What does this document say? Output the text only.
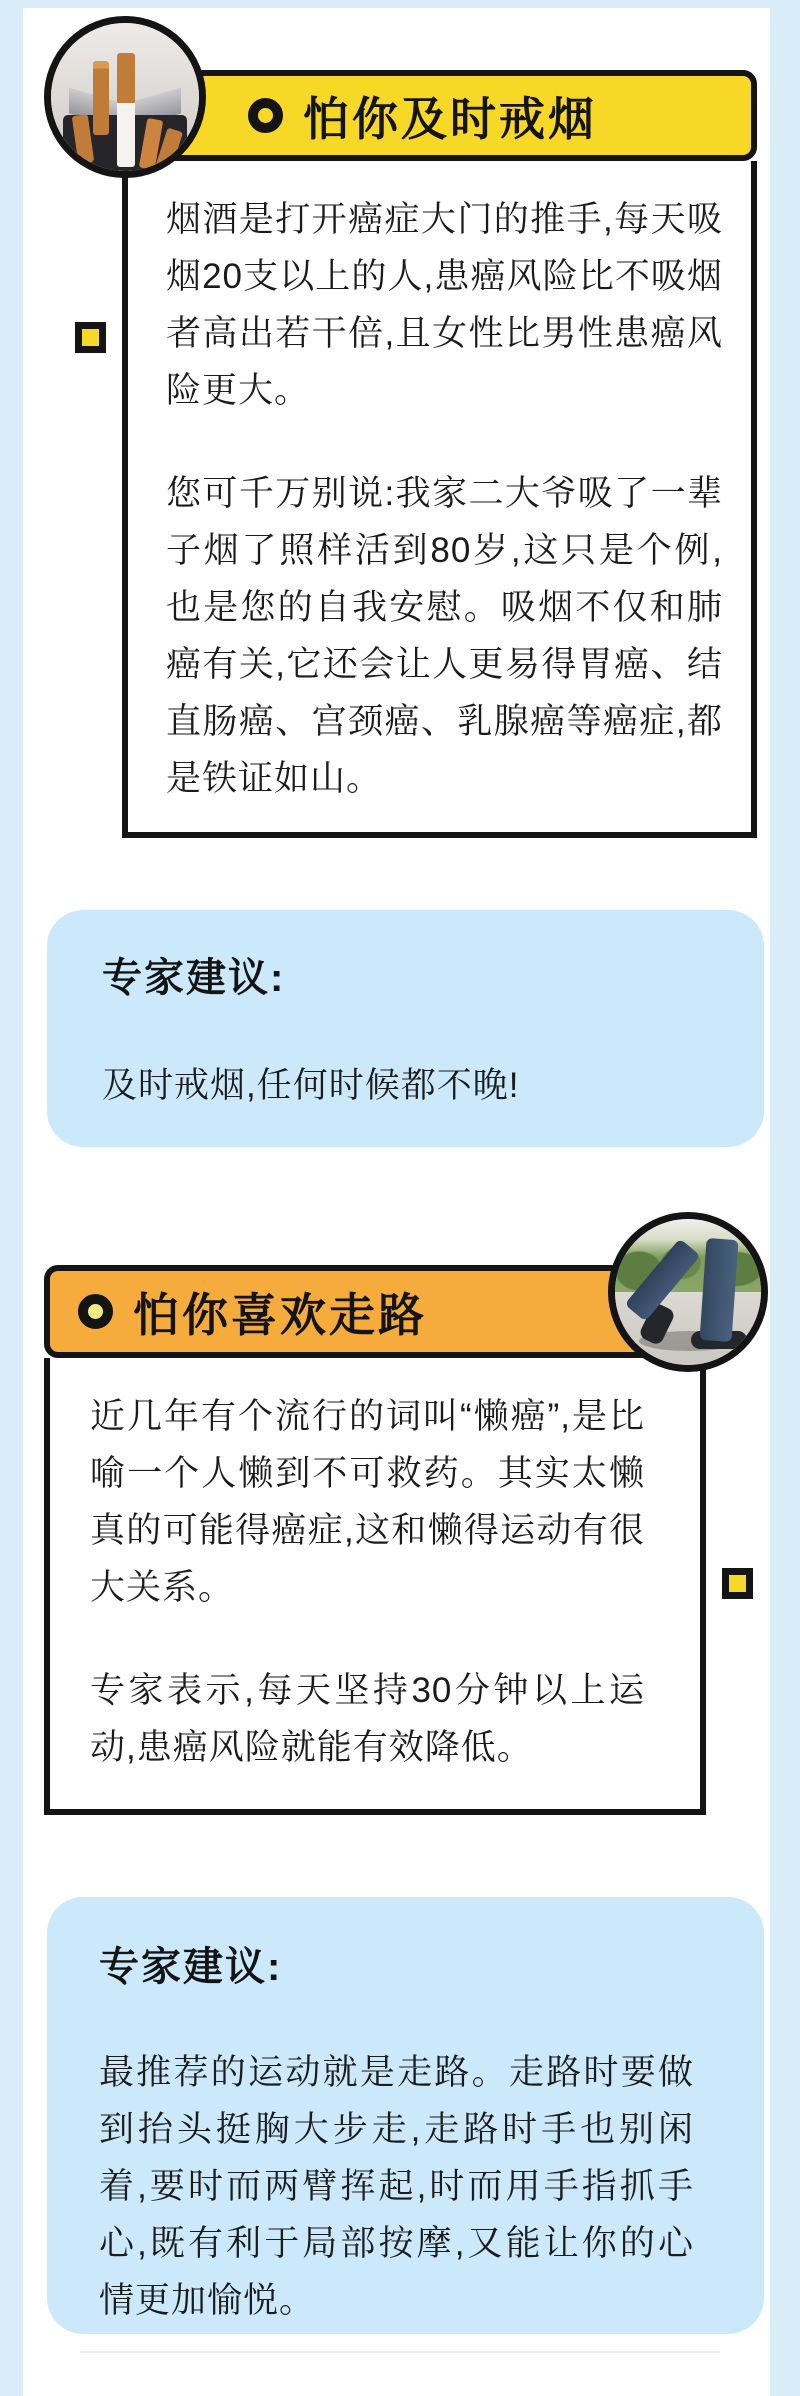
怕你及时戒烟

烟酒是打开癌症大门的推手,每天吸烟20支以上的人,患癌风险比不吸烟者高出若干倍,且女性比男性患癌风险更大。

您可千万别说:我家二大爷吸了一辈子烟了照样活到80岁,这只是个例,也是您的自我安慰。吸烟不仅和肺癌有关,它还会让人更易得胃癌、结直肠癌、宫颈癌、乳腺癌等癌症,都是铁证如山。

专家建议:
及时戒烟,任何时候都不晚!
怕你喜欢走路

近几年有个流行的词叫“懒癌”,是比喻一个人懒到不可救药。其实太懒真的可能得癌症,这和懒得运动有很大关系。

专家表示,每天坚持30分钟以上运动,患癌风险就能有效降低。

专家建议:
最推荐的运动就是走路。走路时要做到抬头挺胸大步走,走路时手也别闲着,要时而两臂挥起,时而用手指抓手心,既有利于局部按摩,又能让你的心情更加愉悦。
